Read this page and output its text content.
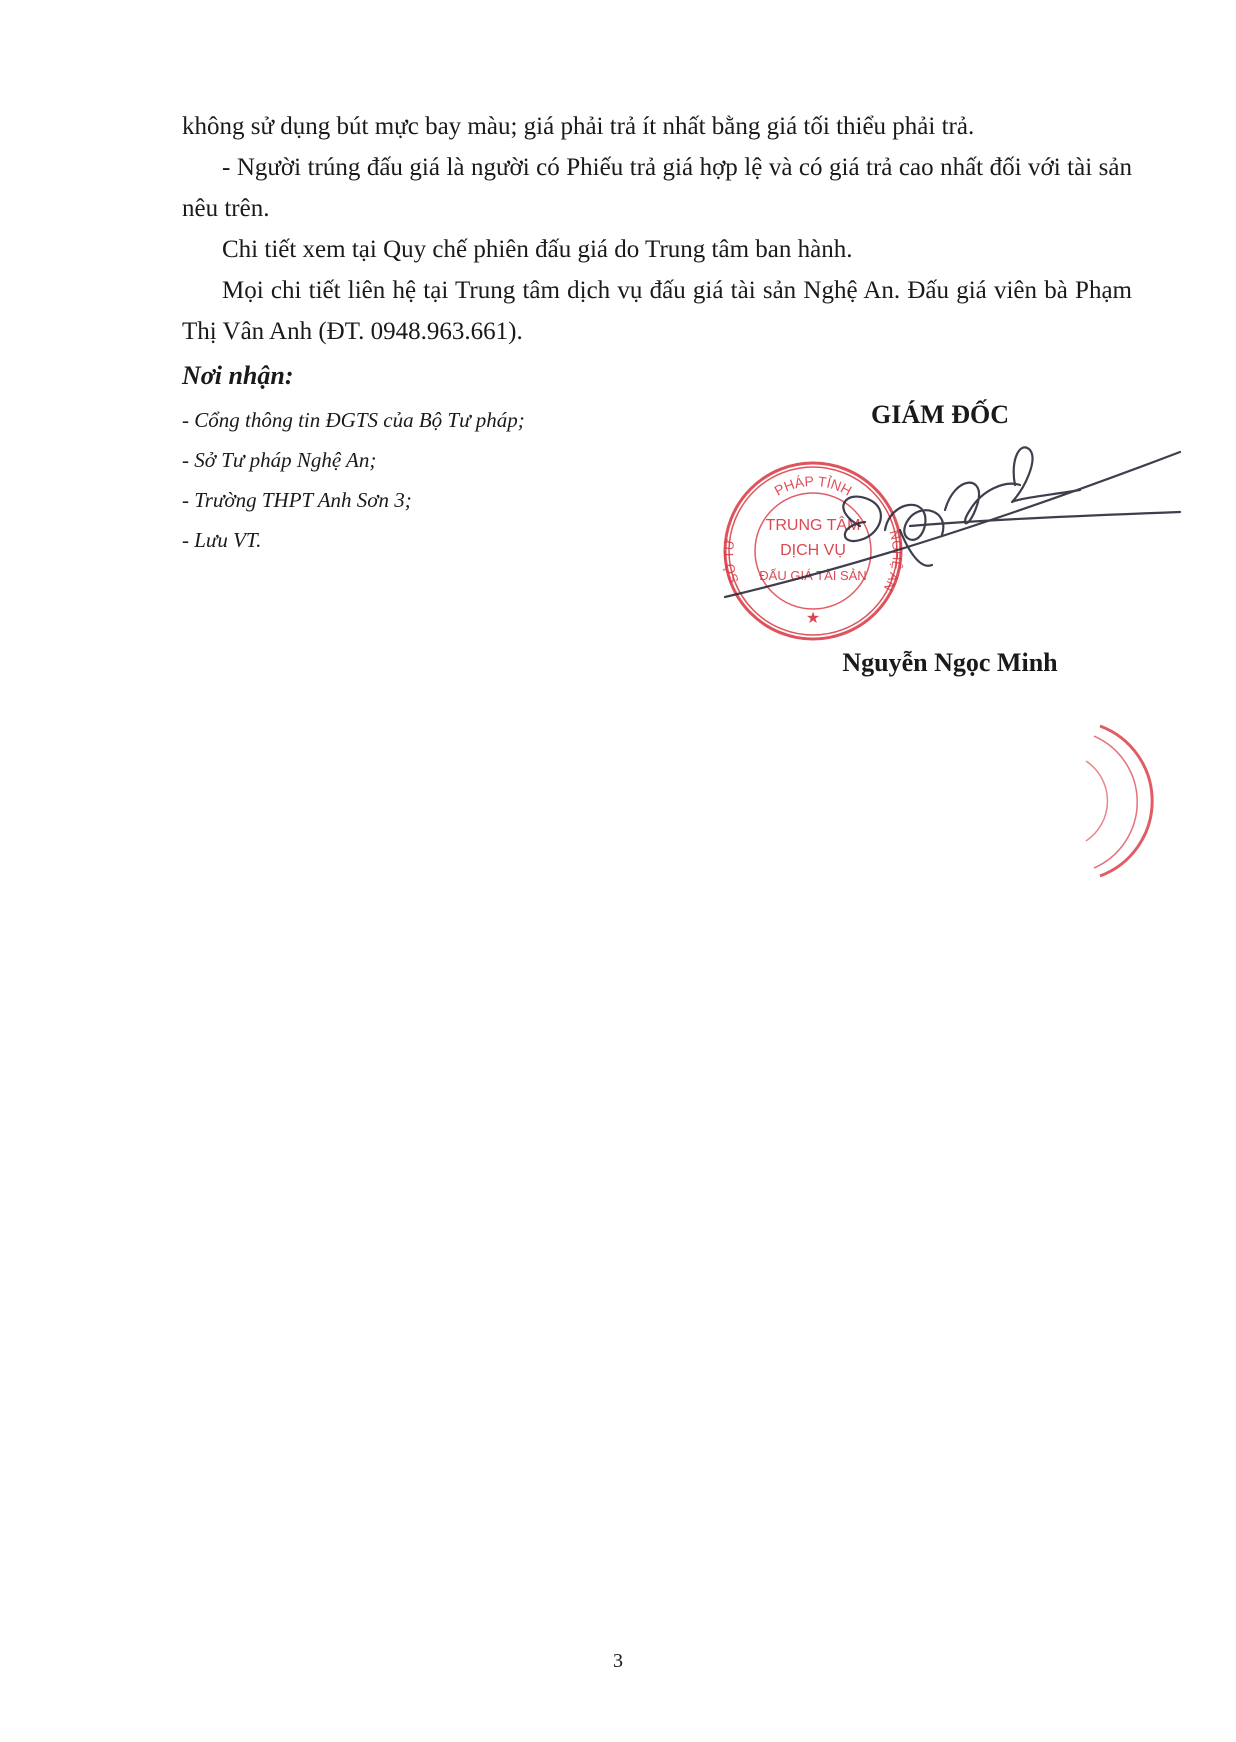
không sử dụng bút mực bay màu; giá phải trả ít nhất bằng giá tối thiểu phải trả.

- Người trúng đấu giá là người có Phiếu trả giá hợp lệ và có giá trả cao nhất đối với tài sản nêu trên.

Chi tiết xem tại Quy chế phiên đấu giá do Trung tâm ban hành.

Mọi chi tiết liên hệ tại Trung tâm dịch vụ đấu giá tài sản Nghệ An. Đấu giá viên bà Phạm Thị Vân Anh (ĐT. 0948.963.661).

Nơi nhận:

- Cổng thông tin ĐGTS của Bộ Tư pháp;

- Sở Tư pháp Nghệ An;

- Trường THPT Anh Sơn 3;

- Lưu VT.

GIÁM ĐỐC
PHÁP TỈNH
SỞ TƯ
NGHỆ AN
TRUNG TÂM
DỊCH VỤ
ĐẤU GIÁ TÀI SẢN
★
Nguyễn Ngọc Minh
3
